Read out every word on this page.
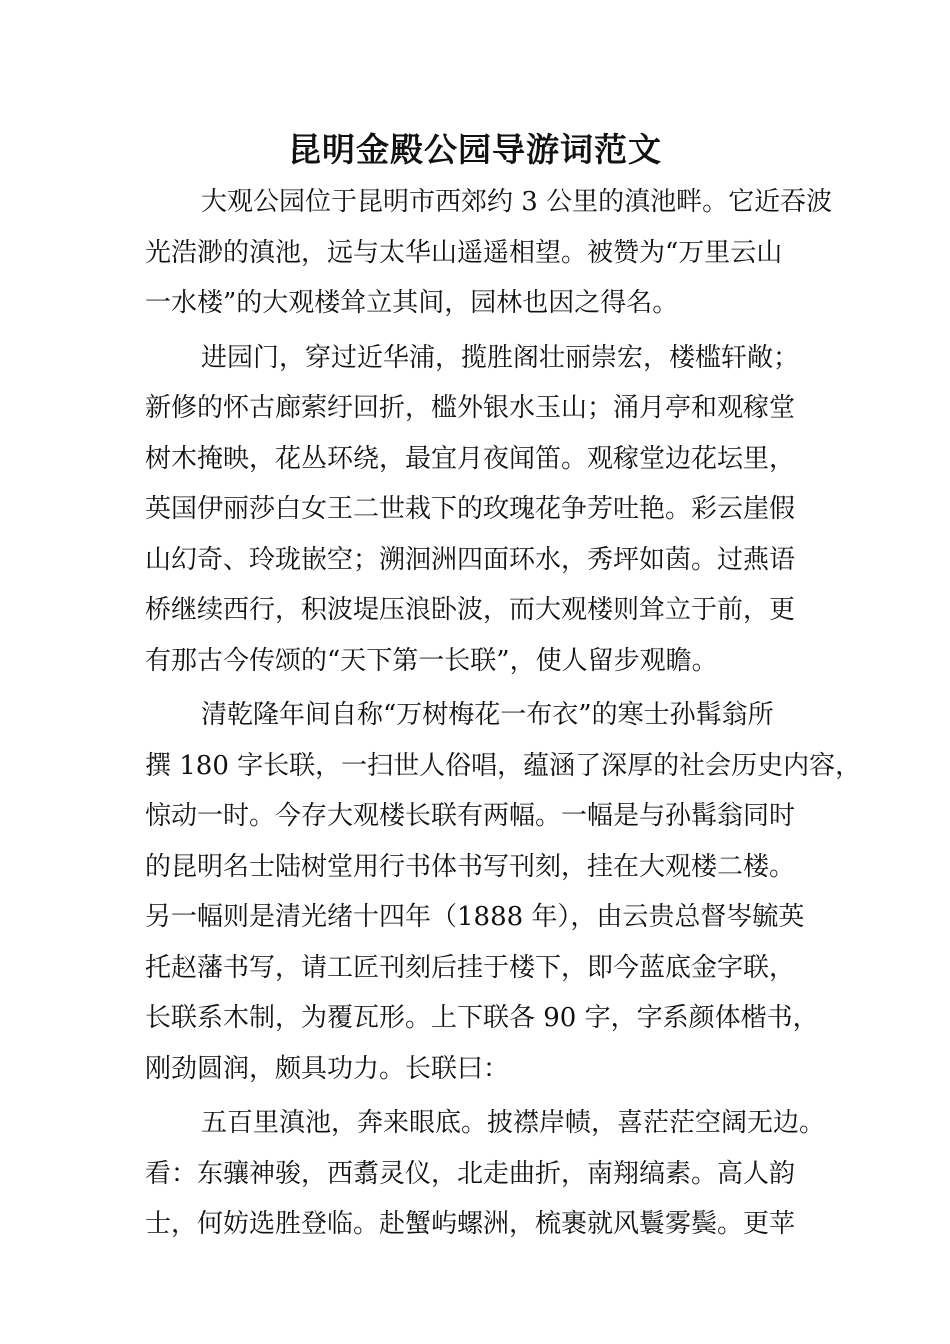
昆明金殿公园导游词范文

大观公园位于昆明市西郊约 3 公里的滇池畔。它近吞波
光浩渺的滇池，远与太华山遥遥相望。被赞为“万里云山
一水楼”的大观楼耸立其间，园林也因之得名。

进园门，穿过近华浦，揽胜阁壮丽崇宏，楼槛轩敞；
新修的怀古廊萦纡回折，槛外银水玉山；涌月亭和观稼堂
树木掩映，花丛环绕，最宜月夜闻笛。观稼堂边花坛里，
英国伊丽莎白女王二世栽下的玫瑰花争芳吐艳。彩云崖假
山幻奇、玲珑嵌空；溯洄洲四面环水，秀坪如茵。过燕语
桥继续西行，积波堤压浪卧波，而大观楼则耸立于前，更
有那古今传颂的“天下第一长联”，使人留步观瞻。

清乾隆年间自称“万树梅花一布衣”的寒士孙髯翁所
撰 180 字长联，一扫世人俗唱，蕴涵了深厚的社会历史内容，
惊动一时。今存大观楼长联有两幅。一幅是与孙髯翁同时
的昆明名士陆树堂用行书体书写刊刻，挂在大观楼二楼。
另一幅则是清光绪十四年（1888 年），由云贵总督岑毓英
托赵藩书写，请工匠刊刻后挂于楼下，即今蓝底金字联，
长联系木制，为覆瓦形。上下联各 90 字，字系颜体楷书，
刚劲圆润，颇具功力。长联曰：

五百里滇池，奔来眼底。披襟岸帻，喜茫茫空阔无边。
看：东骧神骏，西翥灵仪，北走曲折，南翔缟素。高人韵
士，何妨选胜登临。赴蟹屿螺洲，梳裹就风鬟雾鬓。更苹
